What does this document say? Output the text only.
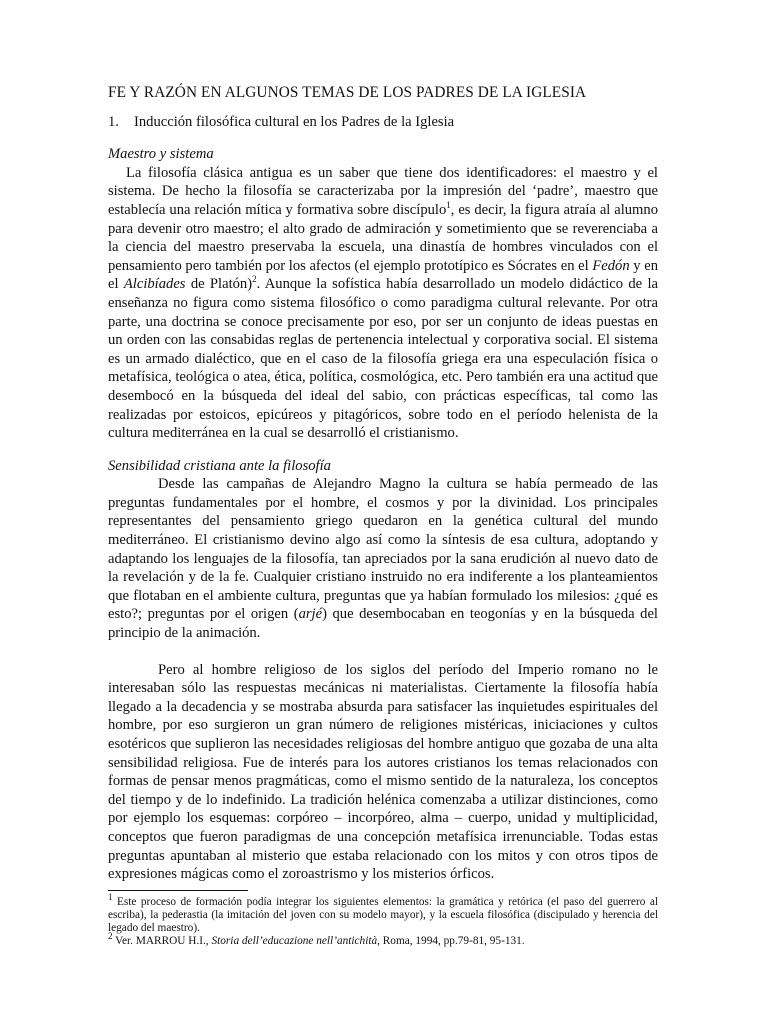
FE Y RAZÓN EN ALGUNOS TEMAS DE LOS PADRES DE LA IGLESIA
1. Inducción filosófica cultural en los Padres de la Iglesia
Maestro y sistema

La filosofía clásica antigua es un saber que tiene dos identificadores: el maestro y el sistema. De hecho la filosofía se caracterizaba por la impresión del ‘padre’, maestro que establecía una relación mítica y formativa sobre discípulo$^1$, es decir, la figura atraía al alumno para devenir otro maestro; el alto grado de admiración y sometimiento que se reverenciaba a la ciencia del maestro preservaba la escuela, una dinastía de hombres vinculados con el pensamiento pero también por los afectos (el ejemplo prototípico es Sócrates en el Fedón y en el Alcibíades de Platón)$^2$. Aunque la sofística había desarrollado un modelo didáctico de la enseñanza no figura como sistema filosófico o como paradigma cultural relevante. Por otra parte, una doctrina se conoce precisamente por eso, por ser un conjunto de ideas puestas en un orden con las consabidas reglas de pertenencia intelectual y corporativa social. El sistema es un armado dialéctico, que en el caso de la filosofía griega era una especulación física o metafísica, teológica o atea, ética, política, cosmológica, etc. Pero también era una actitud que desembocó en la búsqueda del ideal del sabio, con prácticas específicas, tal como las realizadas por estoicos, epicúreos y pitagóricos, sobre todo en el período helenista de la cultura mediterránea en la cual se desarrolló el cristianismo.

Sensibilidad cristiana ante la filosofía

Desde las campañas de Alejandro Magno la cultura se había permeado de las preguntas fundamentales por el hombre, el cosmos y por la divinidad. Los principales representantes del pensamiento griego quedaron en la genética cultural del mundo mediterráneo. El cristianismo devino algo así como la síntesis de esa cultura, adoptando y adaptando los lenguajes de la filosofía, tan apreciados por la sana erudición al nuevo dato de la revelación y de la fe. Cualquier cristiano instruido no era indiferente a los planteamientos que flotaban en el ambiente cultura, preguntas que ya habían formulado los milesios: ¿qué es esto?; preguntas por el origen (arjé) que desembocaban en teogonías y en la búsqueda del principio de la animación.

Pero al hombre religioso de los siglos del período del Imperio romano no le interesaban sólo las respuestas mecánicas ni materialistas. Ciertamente la filosofía había llegado a la decadencia y se mostraba absurda para satisfacer las inquietudes espirituales del hombre, por eso surgieron un gran número de religiones mistéricas, iniciaciones y cultos esotéricos que suplieron las necesidades religiosas del hombre antiguo que gozaba de una alta sensibilidad religiosa. Fue de interés para los autores cristianos los temas relacionados con formas de pensar menos pragmáticas, como el mismo sentido de la naturaleza, los conceptos del tiempo y de lo indefinido. La tradición helénica comenzaba a utilizar distinciones, como por ejemplo los esquemas: corpóreo – incorpóreo, alma – cuerpo, unidad y multiplicidad, conceptos que fueron paradigmas de una concepción metafísica irrenunciable. Todas estas preguntas apuntaban al misterio que estaba relacionado con los mitos y con otros tipos de expresiones mágicas como el zoroastrismo y los misterios órficos.

$^1$ Este proceso de formación podía integrar los siguientes elementos: la gramática y retórica (el paso del guerrero al escriba), la pederastia (la imitación del joven con su modelo mayor), y la escuela filosófica (discipulado y herencia del legado del maestro).

$^2$ Ver. MARROU H.I., Storia dell’educazione nell’antichità, Roma, 1994, pp.79-81, 95-131.
